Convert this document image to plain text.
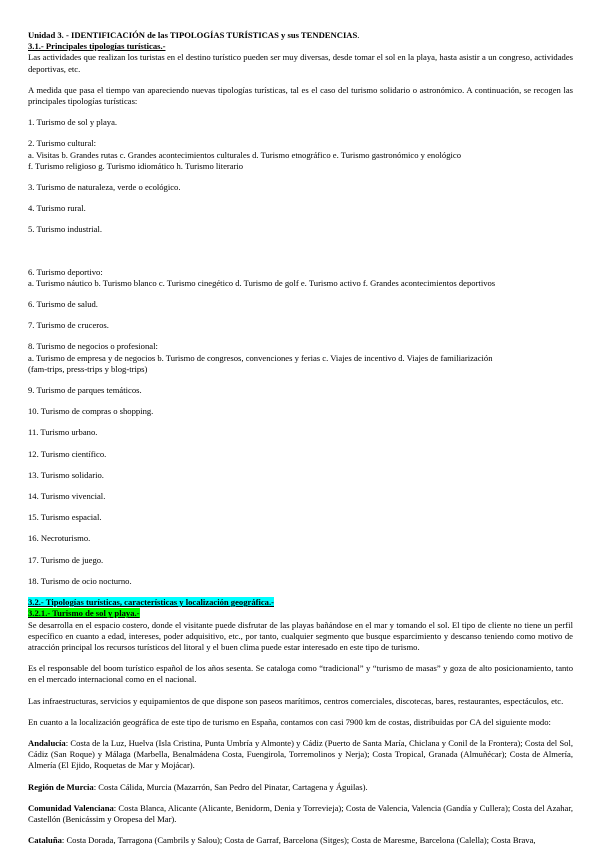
Unidad 3. - IDENTIFICACIÓN de las TIPOLOGÍAS TURÍSTICAS y sus TENDENCIAS.

3.1.- Principales tipologías turísticas.-

Las actividades que realizan los turistas en el destino turístico pueden ser muy diversas, desde tomar el sol en la playa, hasta asistir a un congreso, actividades deportivas, etc.

A medida que pasa el tiempo van apareciendo nuevas tipologías turísticas, tal es el caso del turismo solidario o astronómico. A continuación, se recogen las principales tipologías turísticas:

1. Turismo de sol y playa.

2. Turismo cultural:

a. Visitas b. Grandes rutas c. Grandes acontecimientos culturales d. Turismo etnográfico e. Turismo gastronómico y enológico

f. Turismo religioso g. Turismo idiomático h. Turismo literario

3. Turismo de naturaleza, verde o ecológico.

4. Turismo rural.

5. Turismo industrial.

6. Turismo deportivo:

a. Turismo náutico b. Turismo blanco c. Turismo cinegético d. Turismo de golf e. Turismo activo f. Grandes acontecimientos deportivos

6. Turismo de salud.

7. Turismo de cruceros.

8. Turismo de negocios o profesional:

a. Turismo de empresa y de negocios b. Turismo de congresos, convenciones y ferias c. Viajes de incentivo d. Viajes de familiarización

(fam-trips, press-trips y blog-trips)

9. Turismo de parques temáticos.

10. Turismo de compras o shopping.

11. Turismo urbano.

12. Turismo científico.

13. Turismo solidario.

14. Turismo vivencial.

15. Turismo espacial.

16. Necroturismo.

17. Turismo de juego.

18. Turismo de ocio nocturno.

3.2.- Tipologías turísticas, características y localización geográfica.-

3.2.1.- Turismo de sol y playa.-

Se desarrolla en el espacio costero, donde el visitante puede disfrutar de las playas bañándose en el mar y tomando el sol. El tipo de cliente no tiene un perfil específico en cuanto a edad, intereses, poder adquisitivo, etc., por tanto, cualquier segmento que busque esparcimiento y descanso teniendo como motivo de atracción principal los recursos turísticos del litoral y el buen clima puede estar interesado en este tipo de turismo.

Es el responsable del boom turístico español de los años sesenta. Se cataloga como “tradicional” y “turismo de masas” y goza de alto posicionamiento, tanto en el mercado internacional como en el nacional.

Las infraestructuras, servicios y equipamientos de que dispone son paseos marítimos, centros comerciales, discotecas, bares, restaurantes, espectáculos, etc.

En cuanto a la localización geográfica de este tipo de turismo en España, contamos con casi 7900 km de costas, distribuidas por CA del siguiente modo:

Andalucía: Costa de la Luz, Huelva (Isla Cristina, Punta Umbría y Almonte) y Cádiz (Puerto de Santa María, Chiclana y Conil de la Frontera); Costa del Sol, Cádiz (San Roque) y Málaga (Marbella, Benalmádena Costa, Fuengirola, Torremolinos y Nerja); Costa Tropical, Granada (Almuñécar); Costa de Almería, Almería (El Ejido, Roquetas de Mar y Mojácar).

Región de Murcia: Costa Cálida, Murcia (Mazarrón, San Pedro del Pinatar, Cartagena y Águilas).

Comunidad Valenciana: Costa Blanca, Alicante (Alicante, Benidorm, Denia y Torrevieja); Costa de Valencia, Valencia (Gandía y Cullera); Costa del Azahar, Castellón (Benicássim y Oropesa del Mar).

Cataluña: Costa Dorada, Tarragona (Cambrils y Salou); Costa de Garraf, Barcelona (Sitges); Costa de Maresme, Barcelona (Calella); Costa Brava,
